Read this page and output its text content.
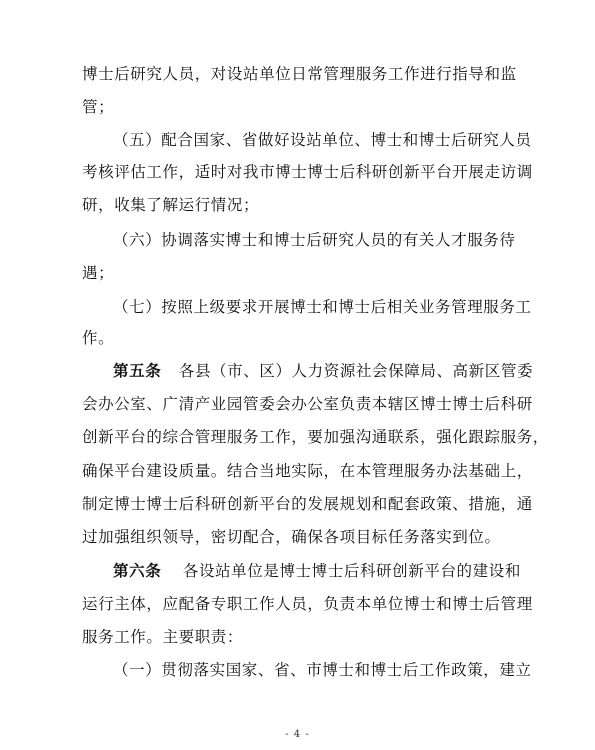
博士后研究人员，对设站单位日常管理服务工作进行指导和监
管；
（五）配合国家、省做好设站单位、博士和博士后研究人员
考核评估工作，适时对我市博士博士后科研创新平台开展走访调
研，收集了解运行情况；
（六）协调落实博士和博士后研究人员的有关人才服务待
遇；
（七）按照上级要求开展博士和博士后相关业务管理服务工
作。
第五条 各县（市、区）人力资源社会保障局、高新区管委
会办公室、广清产业园管委会办公室负责本辖区博士博士后科研
创新平台的综合管理服务工作，要加强沟通联系，强化跟踪服务，
确保平台建设质量。结合当地实际，在本管理服务办法基础上，
制定博士博士后科研创新平台的发展规划和配套政策、措施，通
过加强组织领导，密切配合，确保各项目标任务落实到位。
第六条 各设站单位是博士博士后科研创新平台的建设和
运行主体，应配备专职工作人员，负责本单位博士和博士后管理
服务工作。主要职责：
（一）贯彻落实国家、省、市博士和博士后工作政策，建立
- 4 -
